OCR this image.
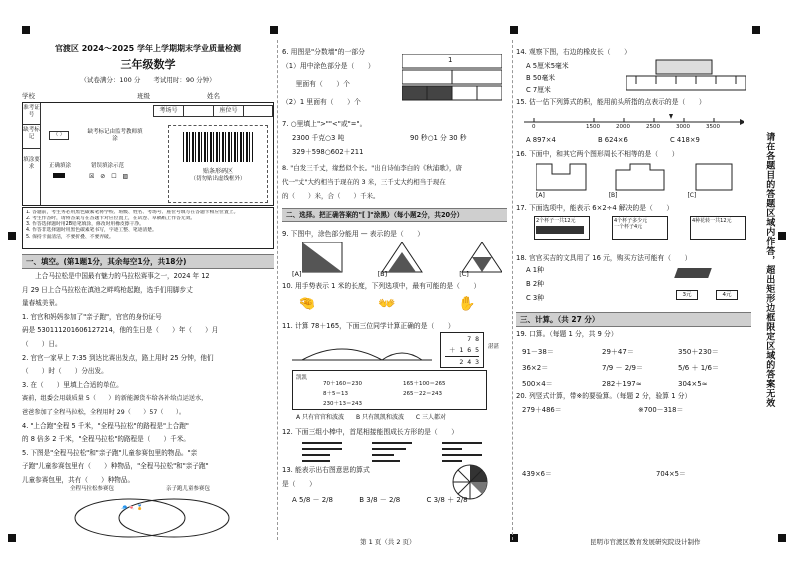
官渡区 2024～2025 学年上学期期末学业质量检测
三年级数学
（试卷满分：100 分　　考试用时：90 分钟）
学校	班级	姓名
准考证号
缺考标记
填涂要求
考场号		座位号	
缺考标记由监考教师填涂
（ ）
正确填涂	错误填涂示范
☒ ⊘ ☐ ▨
贴条形码区
（切勿贴出虚线框外）
1. 答题前，考生务必用黑色碳素笔将学校、班级、姓名、考场号、座位号填写在答题卡相应位置上。
2. 考生作答时，请将答案写在答题卡对应位置上，在试卷、草稿纸上作答无效。
3. 作答选择题时用2B铅笔填涂，修改时用橡皮擦干净。
4. 作答非选择题时用黑色碳素笔书写，字迹工整、笔迹清楚。
5. 保持卡面清洁，不要折叠、不要弄破。
一、填空。(第1题1分，其余每空1分，共18分)
　　上合马拉松是中国最有魅力的马拉松赛事之一，2024 年 12
月 29 日上合马拉松在滇池之畔鸣枪起跑，选手们用脚步丈
量春城美景。
1. 官官和妈妈参加了"亲子跑"，官官的身份证号
码是 530111201606127214，他的生日是（　　）年（　　）月
（　　）日。
2. 官官一家早上 7:35 到达比赛出发点，路上用时 25 分钟，他们
（　　）时（　　）分出发。
3. 在（　　）里填上合适的单位。
赛前，组委会用载质量 5（　　）的新能源货车给各补给点运送水，
爸爸参加了全程马拉松，全程用时 29（　　）57（　　）。
4. "上合跑"全程 5 千米，"全程马拉松"的路程是"上合跑"
的 8 倍多 2 千米，"全程马拉松"的路程是（　　）千米。
5. 下图是"全程马拉松"和"亲子跑"儿童参赛包里的物品。"亲
子跑"儿童参赛包里有（　　）种物品，"全程马拉松"和"亲子跑"
儿童参赛包里，共有（　　）种物品。
🧢 🍬 🏅
全程马拉松参赛包	亲子跑儿童参赛包
6. 用图是"分数墙"的一部分
（1）用中涂色部分是（　　）
　　里面有（　　）个
（2）1 里面有（　　）个
1
7. ○里填上">""<"或"="。
2300 千克○3 吨	90 秒○1 分 30 秒
329＋598○602＋211
8. "白发三千丈，缘愁似个长。"出自诗仙李白的《秋浦歌》，唐
代一"丈"大约相当于现在的 3 米，三千丈大约相当于现在
的（　　）米，合（　　）千米。
二、选择。把正确答案的"[ ]"涂黑）（每小题2分，共20分）
9. 下图中，涂色部分能用 — 表示的是（　　）
[A]	[B]	[C]
10. 用手势表示 1 米的长度，下列选项中，最有可能的是（　　）
🤏	👐	✋
11. 计算 78＋165，下面三位同学计算正确的是（　　）
7 8
＋ 1 6 5
2 4 3
湛湛
凯凯
70＋160＝230	165＋100＝265
8＋5＝13	265－22＝243
230＋13＝243
A 只有官官和波波 B 只有凯凯和波波 C 三人都对
12. 下面三组小棒中，首尾相接能围成长方形的是（　　）
13. 能表示出右图意思的算式
是（　　）
A 5/8 － 2/8	B 3/8 － 2/8	C 3/8 ＋ 2/8
14. 观察下图，右边的橡皮长（　　）
A 5厘米5毫米
B 50毫米
C 7厘米
15. 估一估下列算式的积，能用前头所指的点表示的是（　　）
0	1500	2000	2500	3000	3500
A 897×4	B 624×6	C 418×9
16. 下面中，和其它两个图形周长不相等的是（　　）
[A]	[B]	[C]
17. 下面选项中，能表示 6×2÷4 解决的是（　　）
2个杯子一共12元	4个杯子多少元
一个杯子4元
4种花转一共12元
18. 官官买吉的文具用了 16 元，购买方法可能有（　　）
A 1种
B 2种
C 3种	3元	4元
三、计算。（共 27 分）
19. 口算。（每题 1 分，共 9 分）
91－38＝	29＋47＝	350＋230＝
36×2＝	7/9 － 2/9＝	5/6 ＋ 1/6＝
500×4＝	282＋197≈	304×5≈
20. 列竖式计算，带※的要验算。（每题 2 分，验算 1 分）
279＋486＝	※700－318＝
439×6＝	704×5＝
请在各题目的答题区域内作答，超出矩形边框限定区域的答案无效
第 1 页（共 2 页）	昆明市官渡区教育发展研究院设计制作
